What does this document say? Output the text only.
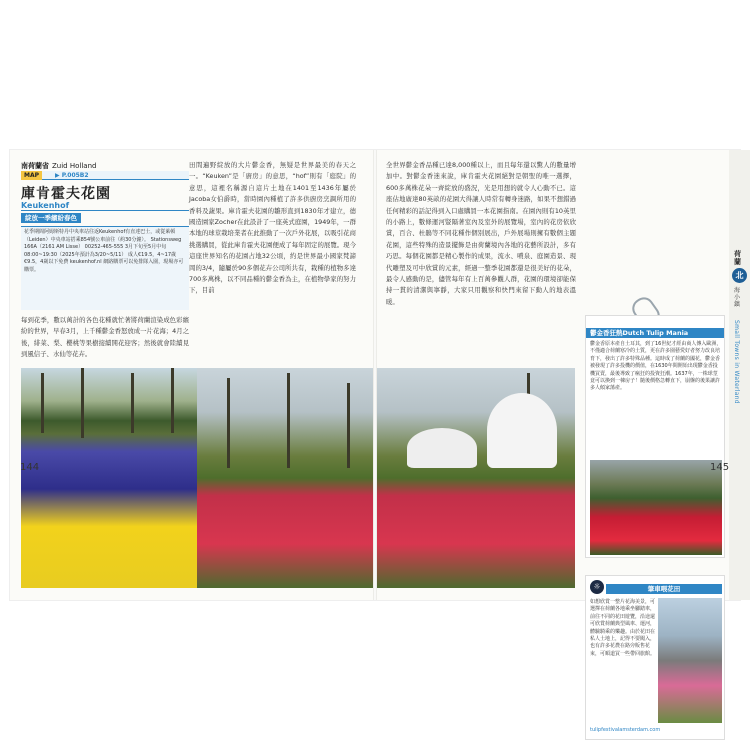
南荷蘭省 Zuid Holland
MAP	▶ P.005B2
庫肯霍夫花園
Keukenhof
綻放一季繽紛春色
花季期間阿姆斯特丹中央車站往返Keukenhof有直達巴士，或從萊頓（Leiden）中央車站搭乘854號公車前往（約30分鐘）。 Stationsweg 166A（2161 AM Lisse） 00252-465-555 3月下旬至5月中旬08:00~19:30（2025年預計為3/20~5/11） 成人€19.5，4~17歲€9.5，4歲以下免費 keukenhof.nl 網路購票可以免排隊入園，現場亦可購票。
每到花季，數以萬計的各色花種就忙著將荷蘭渲染成色彩繽紛的世界，早春3月，上千種鬱金香怒放成一片花海；4月之後，緋菜、梨、櫻桃等果樹接續開花迎客；然後就會陸續見到風信子、水仙等花卉。
田間遍野綻放的大片鬱金香，無疑是世界最美的春天之一。“Keuken”是「廚房」的意思，“hof”則有「庭院」的意思，這裡名稱源自這片土地在1401至1436年屬於Jacoba女伯爵時，當時園內種植了許多供廚房烹調所用的香料及蔬果。庫肯霍夫花園的雛形直到1830年才建立，德國造園家Zocher在此設計了一座英式庭園，1949年，一群本地的球莖栽培業者在此推動了一次戶外花展，以吸引花商挑選購買，從此庫肯霍夫花園便成了每年固定的展覽。現今這座世界知名的花園占地32公頃，約是世界最小國家梵諦岡的3/4，隨屬於90多個花卉公司所共有，栽種的植物多達700多萬株，以不同品種的鬱金香為主，在植物學家的努力下，目前
全世界鬱金香品種已達8,000種以上，而且每年還以驚人的數量增加中。對鬱金香迷來說，庫肯霍夫花園絕對是朝聖的唯一選擇，600多萬株花朵一齊綻放的盛況，光是用想的就令人心動不已。這座佔地廣達80英畝的花園大得讓人時常有轉身迷路，如果不想錯過任何精彩的話記得到入口處購買一本花園指南。在園內則有10英里的小路上，數條運河豎隔著室內及室外的展覽場，室內的花房依欣賞，百合、杜鵑等不同花種作個別展出，戶外展場則擁有數個主題花園，這些特殊的造景擺飾是由荷蘭境內各地的花藝所設計，多有巧思。每個花園都是精心製作的成果，流水、噴泉、庭園造景、現代雕塑及可中欣賞的元素，經過一整季花園都還是很美好的花朵，最令人感動的是，儘管每年有上百萬參觀人群，花園的環境卻能保持一貫的清潔與寧靜，大家只用觀察和快門來留下動人的地表溫暖。
鬱金香狂熱Dutch Tulip Mania
鬱金香原本產自土耳其，到了16世紀才經由商人傳入歐洲，不僅適合荷蘭寒冷的土質，更在許多園藝愛好者努力改良培育下，發出了許多特殊品種。這時成了荷蘭的國花，鬱金香被發現了許多投機的價值，在1630年間開始出現鬱金香投機買賣，最後導致了瘋狂的投資狂潮。1637年，一株球莖竟可以換到一棟房子！隨後價格急轉直下，崩盤的後果讓許多人傾家蕩產。
☼	筆車喂花田
如想欣賞一整片花海美景，可選擇在荷蘭各地乘坐腳踏車，前往不同的花田遊覽，沿途還可欣賞荷蘭典型風車、運河，體驗騎乘的樂趣。由於花田在私人土地上，記得不要闖入，也有許多花農在路旁販售花束，可順道買一些帶回旅館。
tulipfestivalamsterdam.com
荷蘭
北
海小鎮
Small Towns in Waterland
144	145
